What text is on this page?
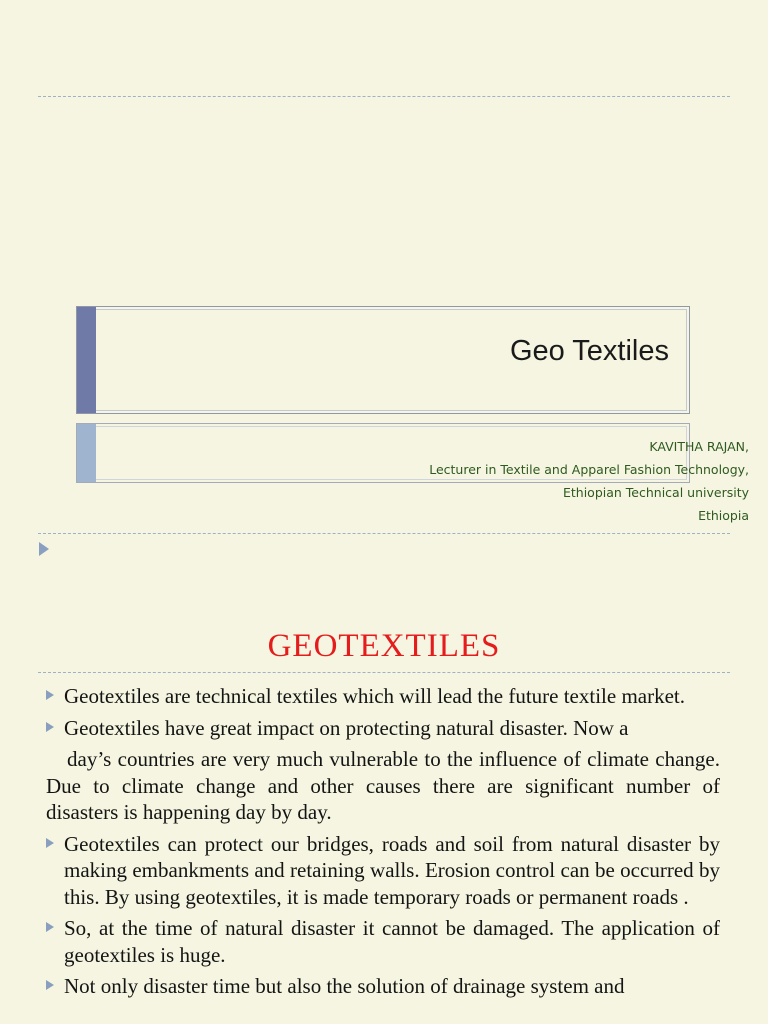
Geo Textiles
KAVITHA RAJAN,
Lecturer in Textile and Apparel Fashion Technology,
Ethiopian Technical university
Ethiopia
GEOTEXTILES
Geotextiles are technical textiles which will lead the future textile market.
Geotextiles have great impact on protecting natural disaster. Now a
day’s countries are very much vulnerable to the influence of climate change. Due to climate change and other causes there are significant number of disasters is happening day by day.
Geotextiles can protect our bridges, roads and soil from natural disaster by making embankments and retaining walls. Erosion control can be occurred by this. By using geotextiles, it is made temporary roads or permanent roads .
So, at the time of natural disaster it cannot be damaged. The application of geotextiles is huge.
Not only disaster time but also the solution of drainage system and
